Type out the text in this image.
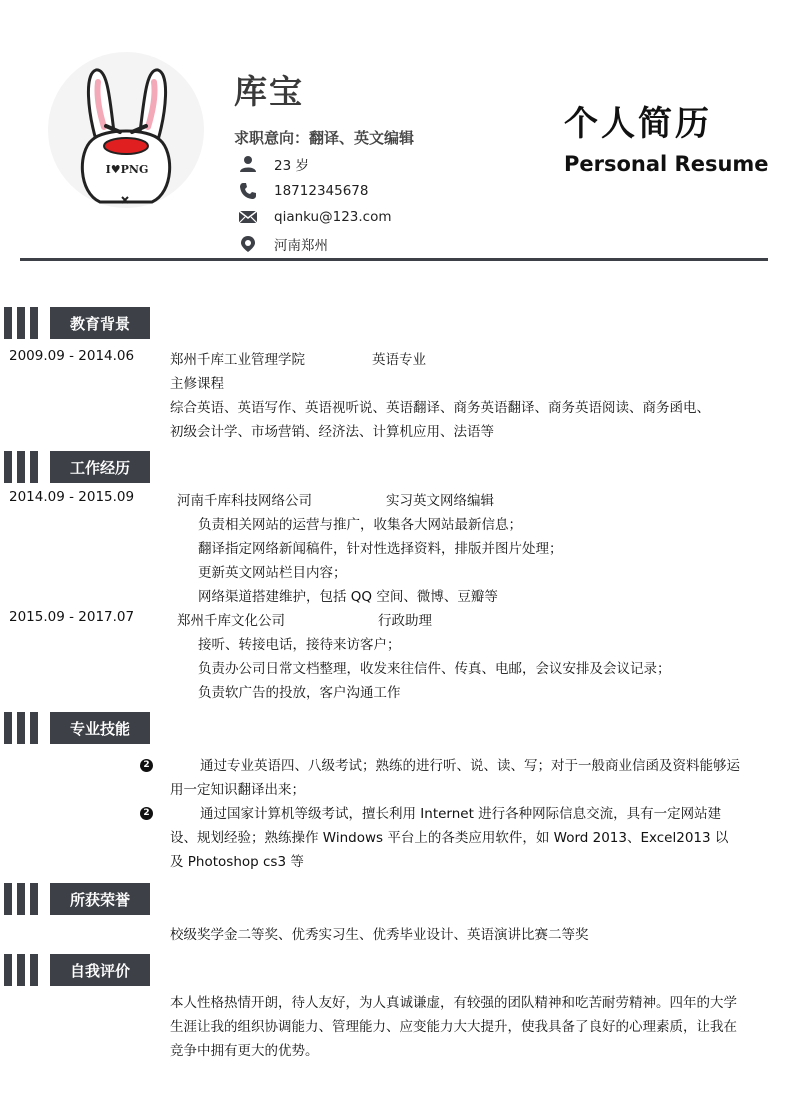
I♥PNG
库宝
求职意向：翻译、英文编辑
23 岁
18712345678
qianku@123.com
河南郑州
个人简历
Personal Resume
教育背景
2009.09 - 2014.06	郑州千库工业管理学院	英语专业
主修课程
综合英语、英语写作、英语视听说、英语翻译、商务英语翻译、商务英语阅读、商务函电、
初级会计学、市场营销、经济法、计算机应用、法语等
工作经历
2014.09 - 2015.09	河南千库科技网络公司	实习英文网络编辑
负责相关网站的运营与推广，收集各大网站最新信息；
翻译指定网络新闻稿件，针对性选择资料，排版并图片处理；
更新英文网站栏目内容；
网络渠道搭建维护，包括 QQ 空间、微博、豆瓣等
2015.09 - 2017.07	郑州千库文化公司	行政助理
接听、转接电话，接待来访客户；
负责办公司日常文档整理，收发来往信件、传真、电邮，会议安排及会议记录；
负责软广告的投放，客户沟通工作
专业技能
2	通过专业英语四、八级考试；熟练的进行听、说、读、写；对于一般商业信函及资料能够运用一定知识翻译出来；
2	通过国家计算机等级考试，擅长利用 Internet 进行各种网际信息交流，具有一定网站建设、规划经验；熟练操作 Windows 平台上的各类应用软件，如 Word 2013、Excel2013 以及 Photoshop cs3 等
所获荣誉
校级奖学金二等奖、优秀实习生、优秀毕业设计、英语演讲比赛二等奖
自我评价
本人性格热情开朗，待人友好，为人真诚谦虚，有较强的团队精神和吃苦耐劳精神。四年的大学生涯让我的组织协调能力、管理能力、应变能力大大提升，使我具备了良好的心理素质，让我在竞争中拥有更大的优势。
